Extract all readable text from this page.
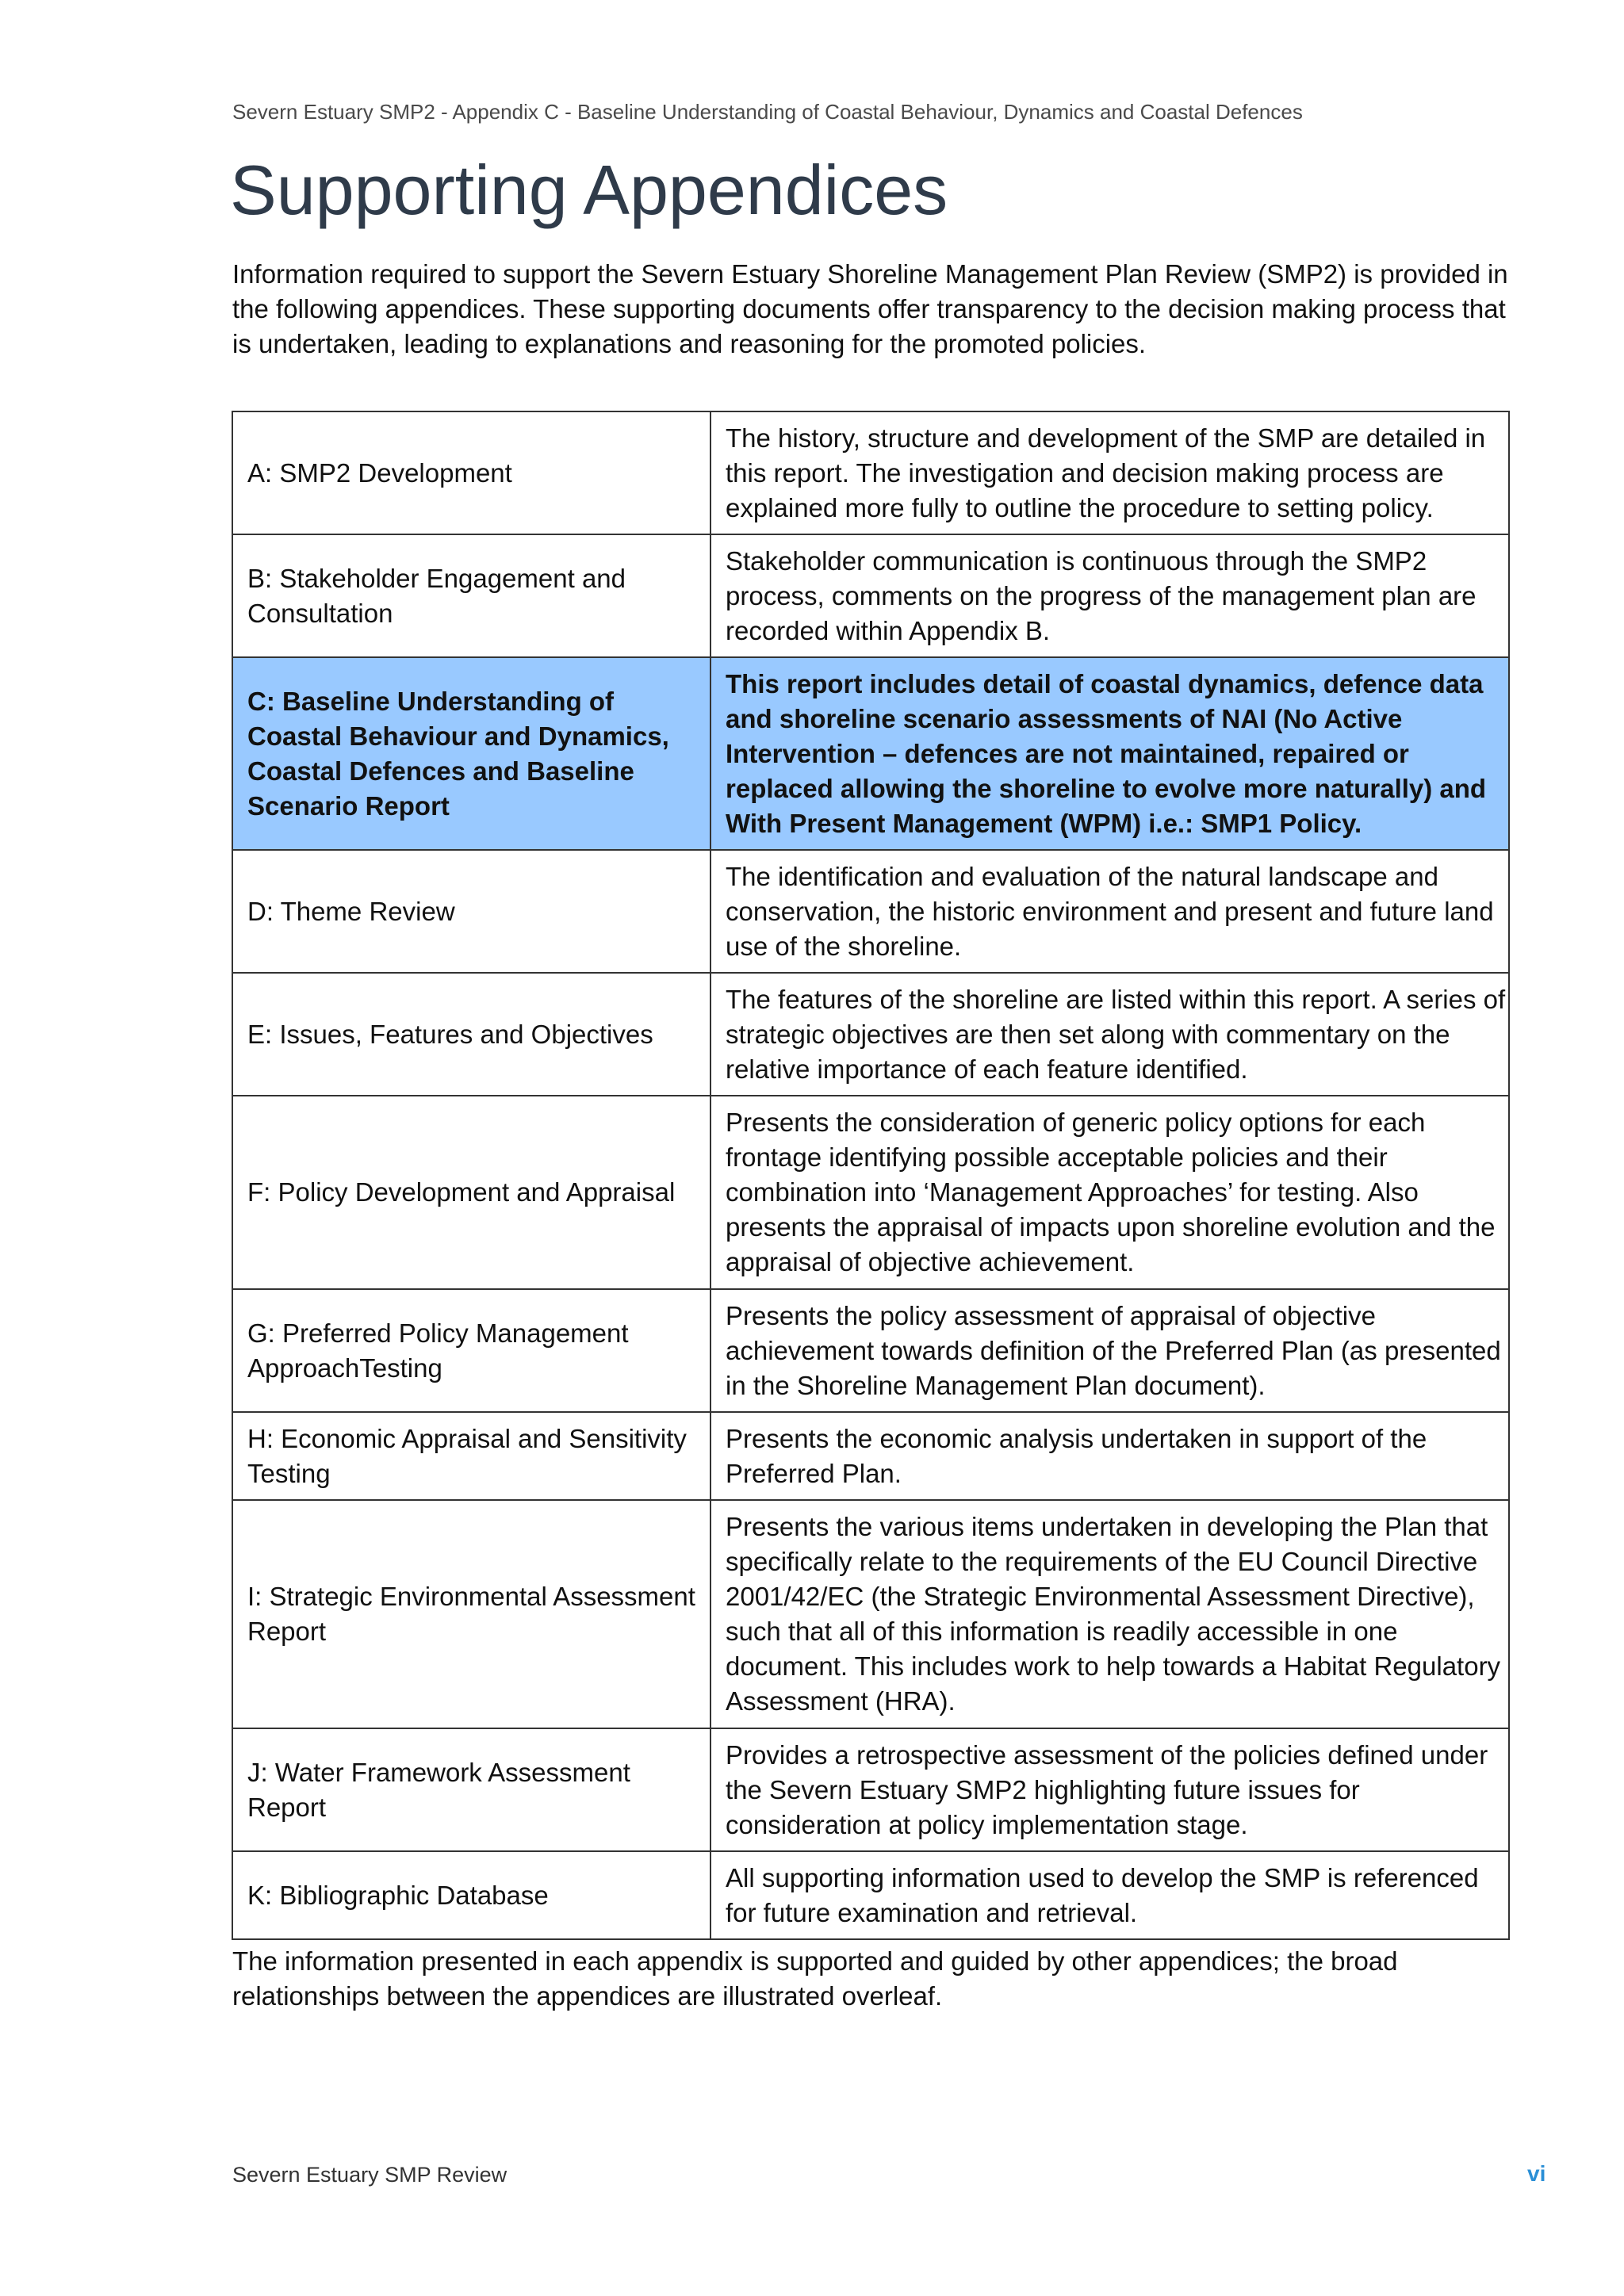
Severn Estuary SMP2 - Appendix C - Baseline Understanding of Coastal Behaviour, Dynamics and Coastal Defences
Supporting Appendices

Information required to support the Severn Estuary Shoreline Management Plan Review (SMP2) is provided in the following appendices. These supporting documents offer transparency to the decision making process that is undertaken, leading to explanations and reasoning for the promoted policies.

A: SMP2 Development	The history, structure and development of the SMP are detailed in this report. The investigation and decision making process are explained more fully to outline the procedure to setting policy.
B: Stakeholder Engagement and Consultation	Stakeholder communication is continuous through the SMP2 process, comments on the progress of the management plan are recorded within Appendix B.
C: Baseline Understanding of Coastal Behaviour and Dynamics, Coastal Defences and Baseline Scenario Report	This report includes detail of coastal dynamics, defence data and shoreline scenario assessments of NAI (No Active Intervention – defences are not maintained, repaired or replaced allowing the shoreline to evolve more naturally) and With Present Management (WPM) i.e.: SMP1 Policy.
D: Theme Review	The identification and evaluation of the natural landscape and conservation, the historic environment and present and future land use of the shoreline.
E: Issues, Features and Objectives	The features of the shoreline are listed within this report. A series of strategic objectives are then set along with commentary on the relative importance of each feature identified.
F: Policy Development and Appraisal	Presents the consideration of generic policy options for each frontage identifying possible acceptable policies and their combination into ‘Management Approaches’ for testing. Also presents the appraisal of impacts upon shoreline evolution and the appraisal of objective achievement.
G: Preferred Policy Management ApproachTesting	Presents the policy assessment of appraisal of objective achievement towards definition of the Preferred Plan (as presented in the Shoreline Management Plan document).
H: Economic Appraisal and Sensitivity Testing	Presents the economic analysis undertaken in support of the Preferred Plan.
I: Strategic Environmental Assessment Report	Presents the various items undertaken in developing the Plan that specifically relate to the requirements of the EU Council Directive 2001/42/EC (the Strategic Environmental Assessment Directive), such that all of this information is readily accessible in one document. This includes work to help towards a Habitat Regulatory Assessment (HRA).
J: Water Framework Assessment Report	Provides a retrospective assessment of the policies defined under the Severn Estuary SMP2 highlighting future issues for consideration at policy implementation stage.
K: Bibliographic Database	All supporting information used to develop the SMP is referenced for future examination and retrieval.

The information presented in each appendix is supported and guided by other appendices; the broad relationships between the appendices are illustrated overleaf.

Severn Estuary SMP Review	vi
